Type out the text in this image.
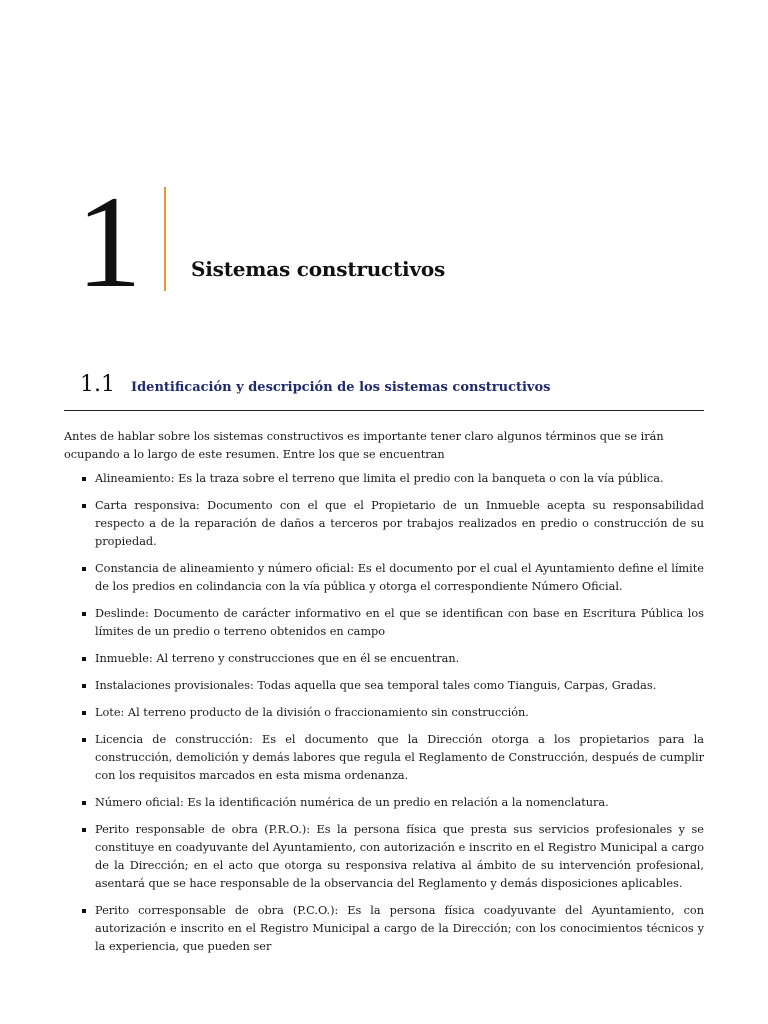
1 Sistemas constructivos
1.1 Identificación y descripción de los sistemas constructivos

Antes de hablar sobre los sistemas constructivos es importante tener claro algunos términos que se irán ocupando a lo largo de este resumen. Entre los que se encuentran

Alineamiento: Es la traza sobre el terreno que limita el predio con la banqueta o con la vía pública.
Carta responsiva: Documento con el que el Propietario de un Inmueble acepta su responsabilidad respecto a de la reparación de daños a terceros por trabajos realizados en predio o construcción de su propiedad.
Constancia de alineamiento y número oficial: Es el documento por el cual el Ayuntamiento define el límite de los predios en colindancia con la vía pública y otorga el correspondiente Número Oficial.
Deslinde: Documento de carácter informativo en el que se identifican con base en Escritura Pública los límites de un predio o terreno obtenidos en campo
Inmueble: Al terreno y construcciones que en él se encuentran.
Instalaciones provisionales: Todas aquella que sea temporal tales como Tianguis, Carpas, Gradas.
Lote: Al terreno producto de la división o fraccionamiento sin construcción.
Licencia de construcción: Es el documento que la Dirección otorga a los propietarios para la construcción, demolición y demás labores que regula el Reglamento de Construcción, después de cumplir con los requisitos marcados en esta misma ordenanza.
Número oficial: Es la identificación numérica de un predio en relación a la nomenclatura.
Perito responsable de obra (P.R.O.): Es la persona física que presta sus servicios profesionales y se constituye en coadyuvante del Ayuntamiento, con autorización e inscrito en el Registro Municipal a cargo de la Dirección; en el acto que otorga su responsiva relativa al ámbito de su intervención profesional, asentará que se hace responsable de la observancia del Reglamento y demás disposiciones aplicables.
Perito corresponsable de obra (P.C.O.): Es la persona física coadyuvante del Ayuntamiento, con autorización e inscrito en el Registro Municipal a cargo de la Dirección; con los conocimientos técnicos y la experiencia, que pueden ser
